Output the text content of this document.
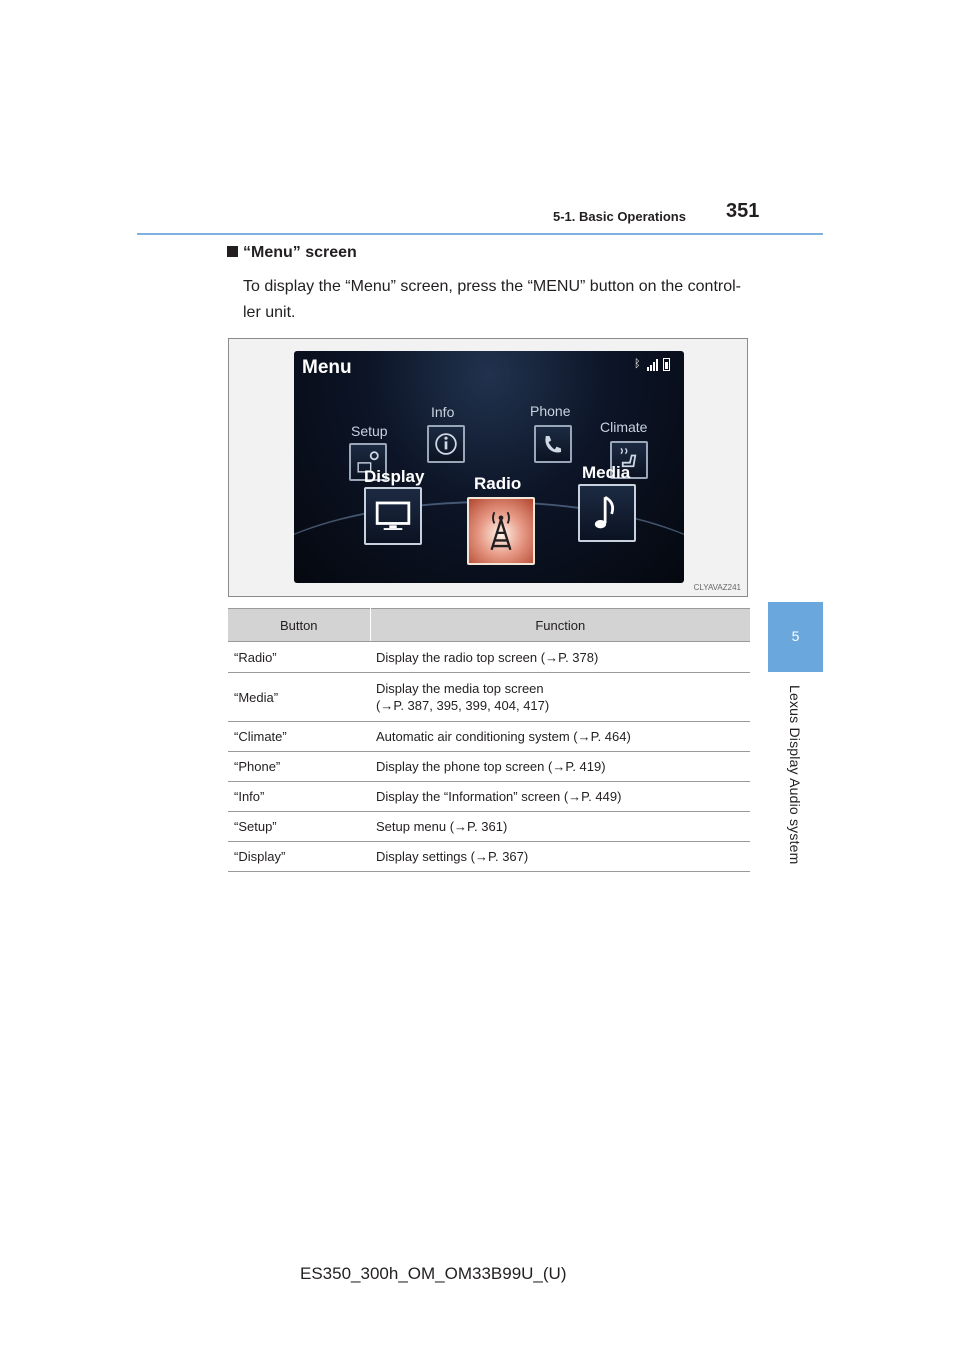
5-1. Basic Operations 351
5
Lexus Display Audio system
“Menu” screen
To display the “Menu” screen, press the “MENU” button on the control-ler unit.
Menu	ᛒ
Setup
Info	Phone
Climate
Display	Radio
Media
CLYAVAZ241
Button	Function
“Radio”	Display the radio top screen (→P. 378)
“Media”	Display the media top screen
(→P. 387, 395, 399, 404, 417)

“Climate”	Automatic air conditioning system (→P. 464)
“Phone”	Display the phone top screen (→P. 419)
“Info”	Display the “Information” screen (→P. 449)
“Setup”	Setup menu (→P. 361)
“Display”	Display settings (→P. 367)
ES350_300h_OM_OM33B99U_(U)
